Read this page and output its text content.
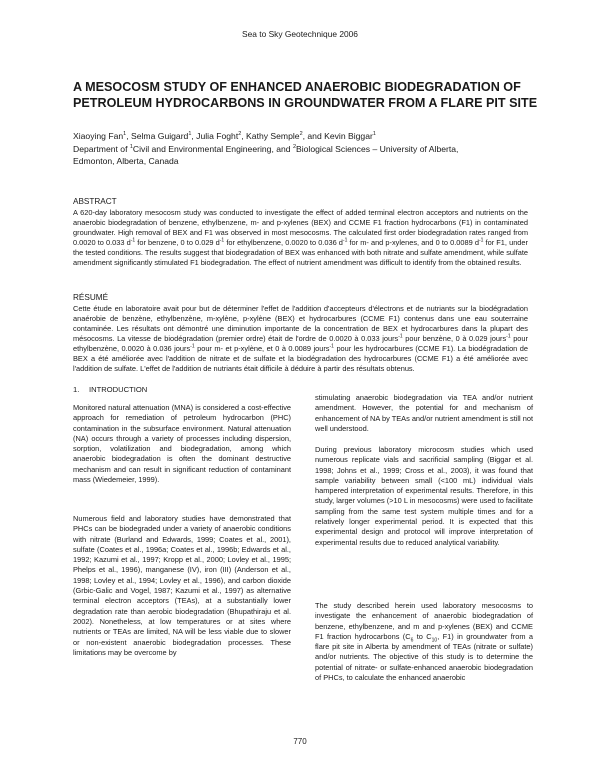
Sea to Sky Geotechnique 2006
A MESOCOSM STUDY OF ENHANCED ANAEROBIC BIODEGRADATION OF PETROLEUM HYDROCARBONS IN GROUNDWATER FROM A FLARE PIT SITE
Xiaoying Fan$^1$, Selma Guigard$^1$, Julia Foght$^2$, Kathy Semple$^2$, and Kevin Biggar$^1$
Department of $^1$Civil and Environmental Engineering, and $^2$Biological Sciences – University of Alberta,
Edmonton, Alberta, Canada
ABSTRACT

A 620-day laboratory mesocosm study was conducted to investigate the effect of added terminal electron acceptors and nutrients on the anaerobic biodegradation of benzene, ethylbenzene, m- and p-xylenes (BEX) and CCME F1 fraction hydrocarbons (F1) in contaminated groundwater. High removal of BEX and F1 was observed in most mesocosms. The calculated first order biodegradation rates ranged from 0.0020 to 0.033 $d^{-1}$ for benzene, 0 to 0.029 $d^{-1}$ for ethylbenzene, 0.0020 to 0.036 $d^{-1}$ for m- and p-xylenes, and 0 to 0.0089 $d^{-1}$ for F1, under the tested conditions. The results suggest that biodegradation of BEX was enhanced with both nitrate and sulfate amendment, while sulfate amendment significantly stimulated F1 biodegradation. The effect of nutrient amendment was difficult to identify from the obtained results.

RÉSUMÉ

Cette étude en laboratoire avait pour but de déterminer l'effet de l'addition d'accepteurs d'électrons et de nutriants sur la biodégradation anaérobie de benzène, ethylbenzène, m-xylène, p-xylène (BEX) et hydrocarbures (CCME F1) contenus dans une eau souterraine contaminée. Les résultats ont démontré une diminution importante de la concentration de BEX et hydrocarbures dans la plupart des mésocosms. La vitesse de biodégradation (premier ordre) était de l'ordre de 0.0020 à 0.033 jours$^{-1}$ pour benzène, 0 à 0.029 jours$^{-1}$ pour ethylbenzène, 0.0020 à 0.036 jours$^{-1}$ pour m- et p-xylène, et 0 à 0.0089 jours$^{-1}$ pour les hydrocarbures (CCME F1). La biodégradation de BEX a été améliorée avec l'addition de nitrate et de sulfate et la biodégradation des hydrocarbures (CCME F1) a été améliorée avec l'addition de sulfate. L'effet de l'addition de nutriants était difficile à déduire à partir des résultats obtenus.

1. INTRODUCTION

Monitored natural attenuation (MNA) is considered a cost-effective approach for remediation of petroleum hydrocarbon (PHC) contamination in the subsurface environment. Natural attenuation (NA) occurs through a variety of processes including dispersion, sorption, volatilization and biodegradation, among which anaerobic biodegradation is often the dominant destructive mechanism and can result in significant reduction of contaminant mass (Wiedemeier, 1999).

Numerous field and laboratory studies have demonstrated that PHCs can be biodegraded under a variety of anaerobic conditions with nitrate (Burland and Edwards, 1999; Coates et al., 2001), sulfate (Coates et al., 1996a; Coates et al., 1996b; Edwards et al., 1992; Kazumi et al., 1997; Kropp et al., 2000; Lovley et al., 1995; Phelps et al., 1996), manganese (IV), iron (III) (Anderson et al., 1998; Lovley et al., 1994; Lovley et al., 1996), and carbon dioxide (Grbic-Galic and Vogel, 1987; Kazumi et al., 1997) as alternative terminal electron acceptors (TEAs), at a substantially lower degradation rate than aerobic biodegradation (Bhupathiraju et al. 2002). Nonetheless, at low temperatures or at sites where nutrients or TEAs are limited, NA will be less viable due to slower or non-existent anaerobic biodegradation processes. These limitations may be overcome by

stimulating anaerobic biodegradation via TEA and/or nutrient amendment. However, the potential for and mechanism of enhancement of NA by TEAs and/or nutrient amendment is still not well understood.

During previous laboratory microcosm studies which used numerous replicate vials and sacrificial sampling (Biggar et al. 1998; Johns et al., 1999; Cross et al., 2003), it was found that sample variability between small (<100 mL) individual vials hampered interpretation of experimental results. Therefore, in this study, larger volumes (>10 L in mesocosms) were used to facilitate sampling from the same test system multiple times and for a relatively longer experimental period. It is expected that this experimental design and protocol will improve interpretation of experimental results due to reduced analytical variability.

The study described herein used laboratory mesocosms to investigate the enhancement of anaerobic biodegradation of benzene, ethylbenzene, and m and p-xylenes (BEX) and CCME F1 fraction hydrocarbons ($C_6$ to $C_{10}$, F1) in groundwater from a flare pit site in Alberta by amendment of TEAs (nitrate or sulfate) and/or nutrients. The objective of this study is to determine the potential of nitrate- or sulfate-enhanced anaerobic biodegradation of PHCs, to calculate the enhanced anaerobic

770
